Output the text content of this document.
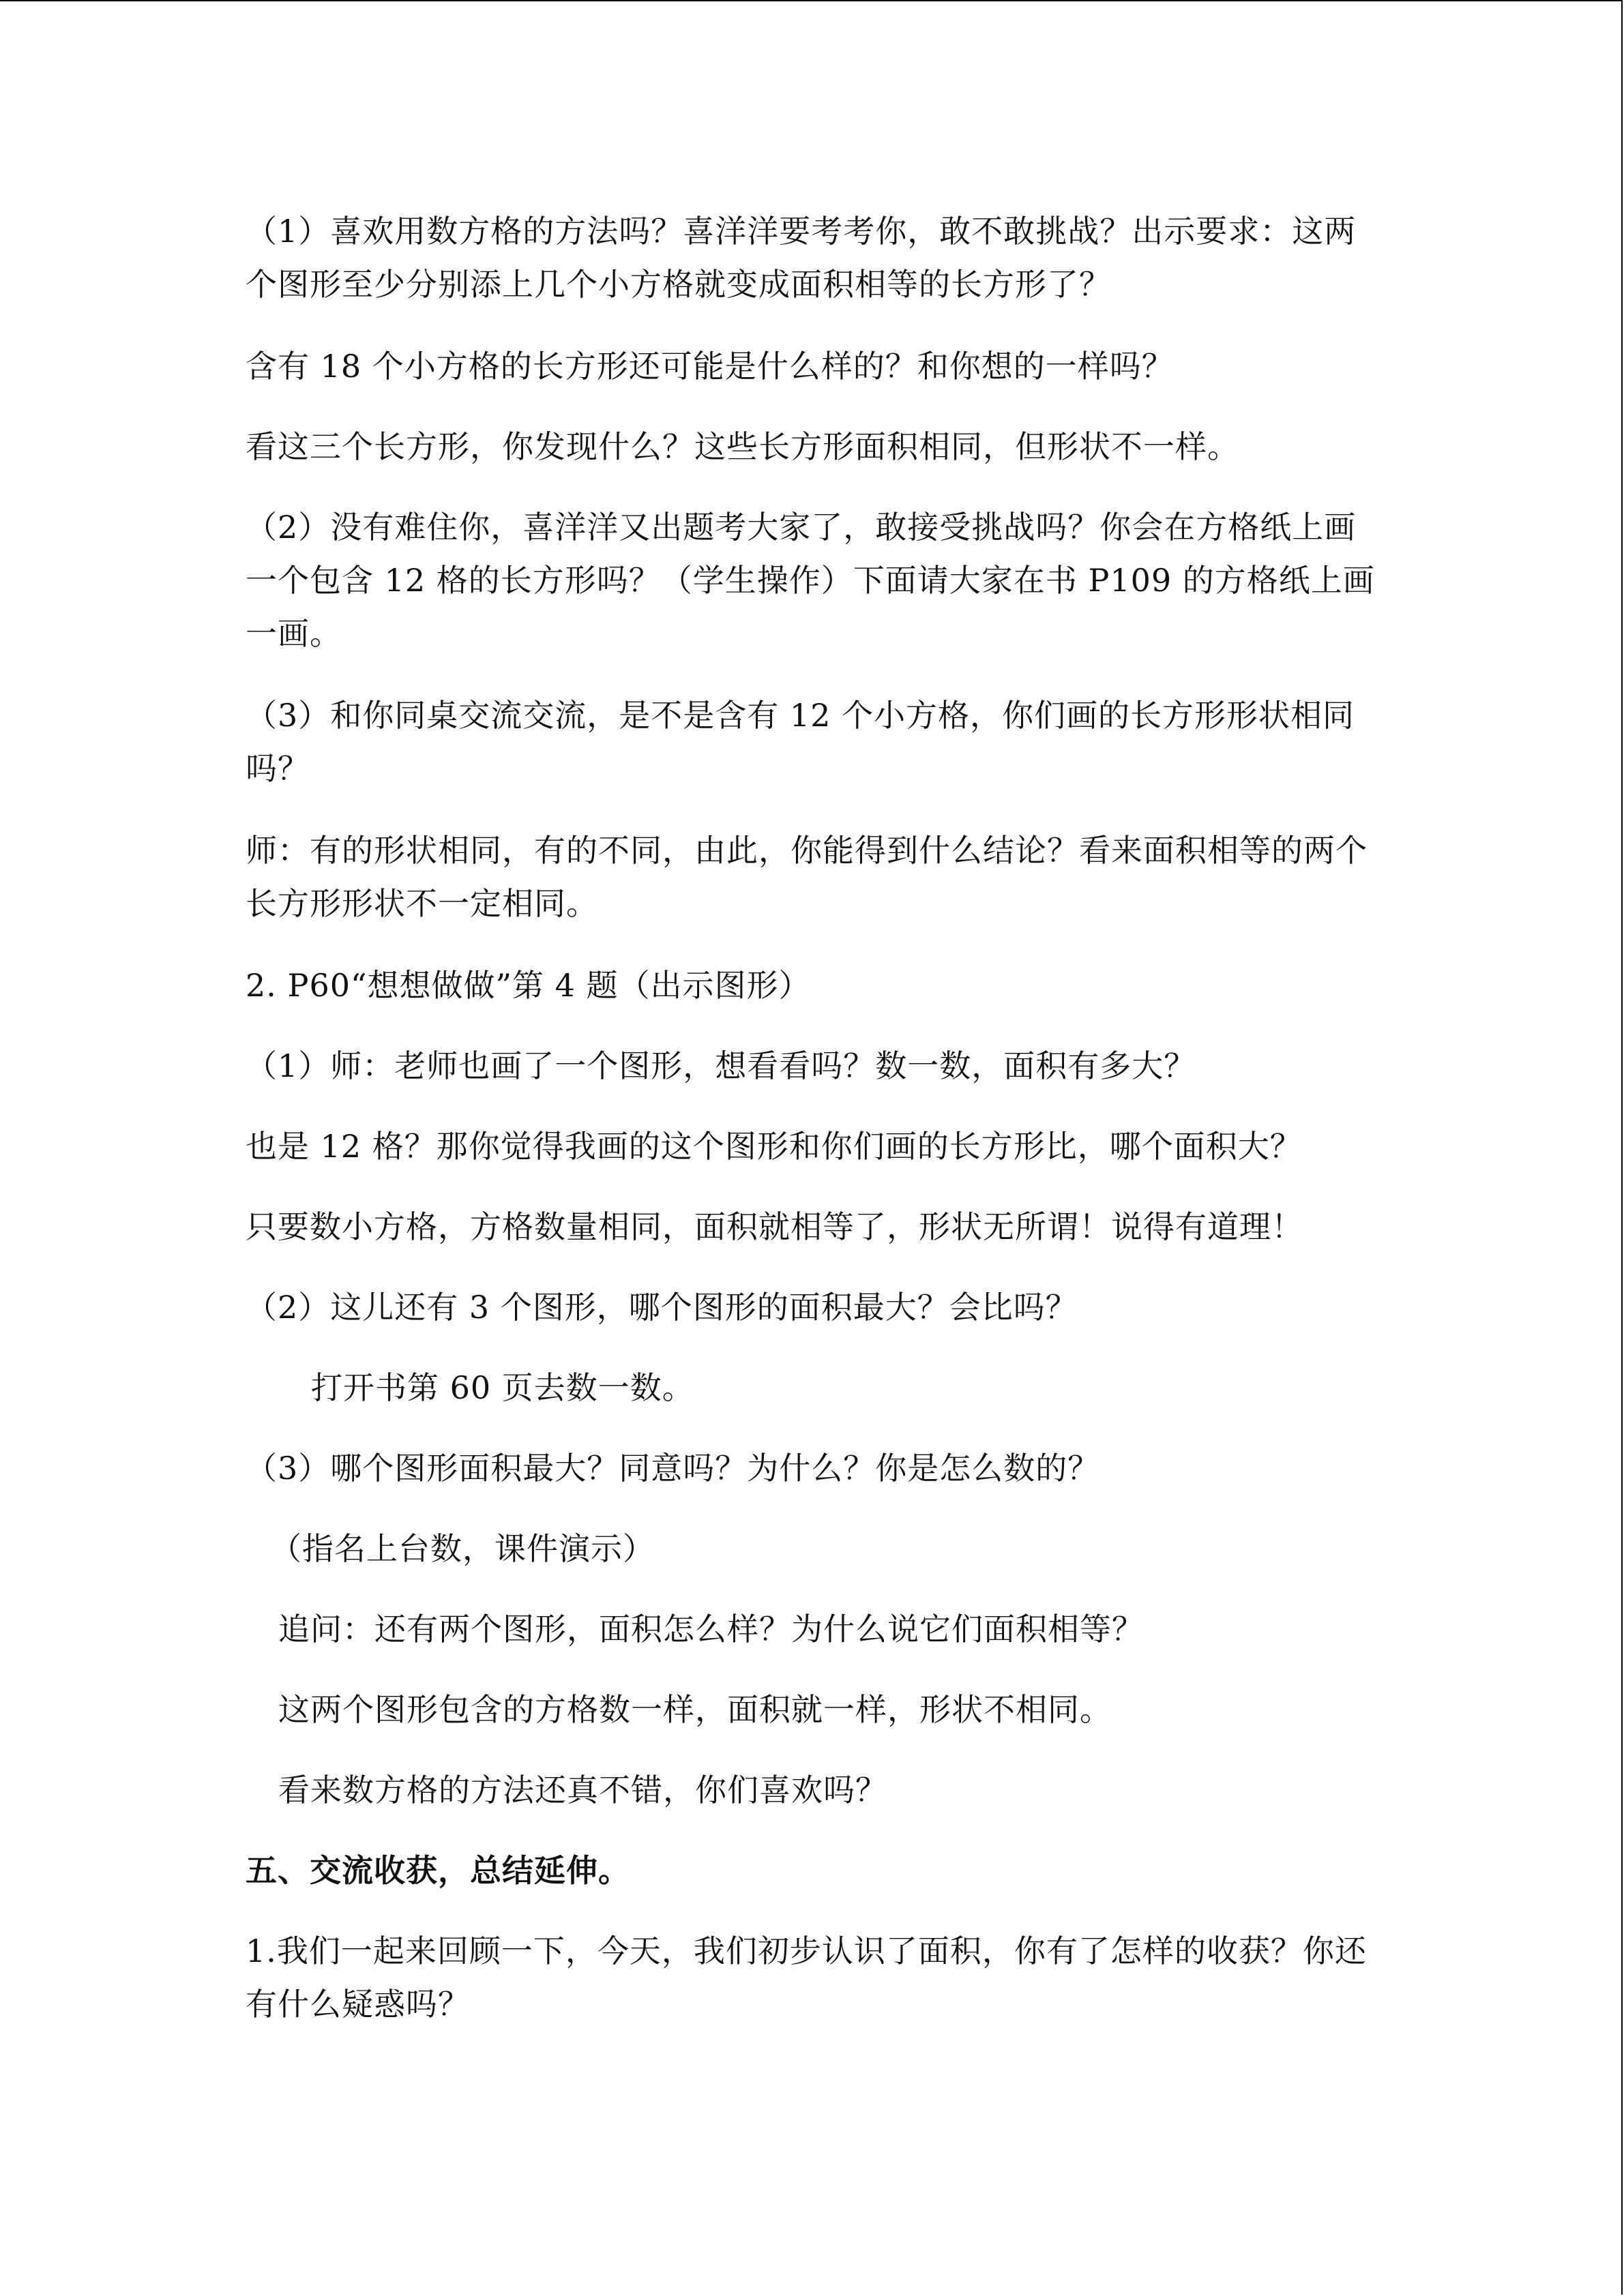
（1）喜欢用数方格的方法吗？喜洋洋要考考你，敢不敢挑战？出示要求：这两个图形至少分别添上几个小方格就变成面积相等的长方形了？
含有 18 个小方格的长方形还可能是什么样的？和你想的一样吗？
看这三个长方形，你发现什么？这些长方形面积相同，但形状不一样。
（2）没有难住你，喜洋洋又出题考大家了，敢接受挑战吗？你会在方格纸上画一个包含 12 格的长方形吗？（学生操作）下面请大家在书 P109 的方格纸上画一画。
（3）和你同桌交流交流，是不是含有 12 个小方格，你们画的长方形形状相同吗？
师：有的形状相同，有的不同，由此，你能得到什么结论？看来面积相等的两个长方形形状不一定相同。
2. P60“想想做做”第 4 题（出示图形）
（1）师：老师也画了一个图形，想看看吗？数一数，面积有多大？
也是 12 格？那你觉得我画的这个图形和你们画的长方形比，哪个面积大？
只要数小方格，方格数量相同，面积就相等了，形状无所谓！说得有道理！
（2）这儿还有 3 个图形，哪个图形的面积最大？会比吗？
打开书第 60 页去数一数。
（3）哪个图形面积最大？同意吗？为什么？你是怎么数的？
（指名上台数，课件演示）
追问：还有两个图形，面积怎么样？为什么说它们面积相等？
这两个图形包含的方格数一样，面积就一样，形状不相同。
看来数方格的方法还真不错，你们喜欢吗？
五、交流收获，总结延伸。
1.我们一起来回顾一下，今天，我们初步认识了面积，你有了怎样的收获？你还有什么疑惑吗？
